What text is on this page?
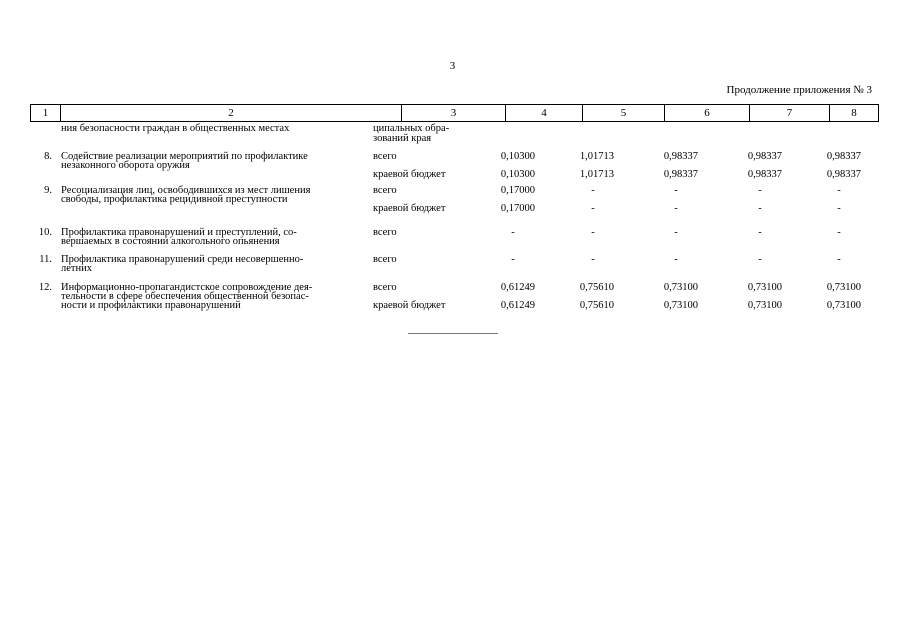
3
Продолжение приложения № 3
1	2	3	4	5	6	7	8
ния безопасности граждан в общественных местах	ципальных обра-
зований края
8. Содействие реализации мероприятий по профилактике
незаконного оборота оружия
всего	0,10300	1,01713	0,98337	0,98337	0,98337
краевой бюджет	0,10300	1,01713	0,98337	0,98337	0,98337
9. Ресоциализация лиц, освободившихся из мест лишения
свободы, профилактика рецидивной преступности
всего	0,17000	-	-	-	-
краевой бюджет	0,17000	-	-	-	-
10. Профилактика правонарушений и преступлений, со-
вершаемых в состоянии алкогольного опьянения
всего	-	-	-	-	-
11. Профилактика правонарушений среди несовершенно-
летних
всего	-	-	-	-	-
12. Информационно-пропагандистское сопровождение дея-
тельности в сфере обеспечения общественной безопас-
ности и профилактики правонарушений
всего	0,61249	0,75610	0,73100	0,73100	0,73100
краевой бюджет	0,61249	0,75610	0,73100	0,73100	0,73100
